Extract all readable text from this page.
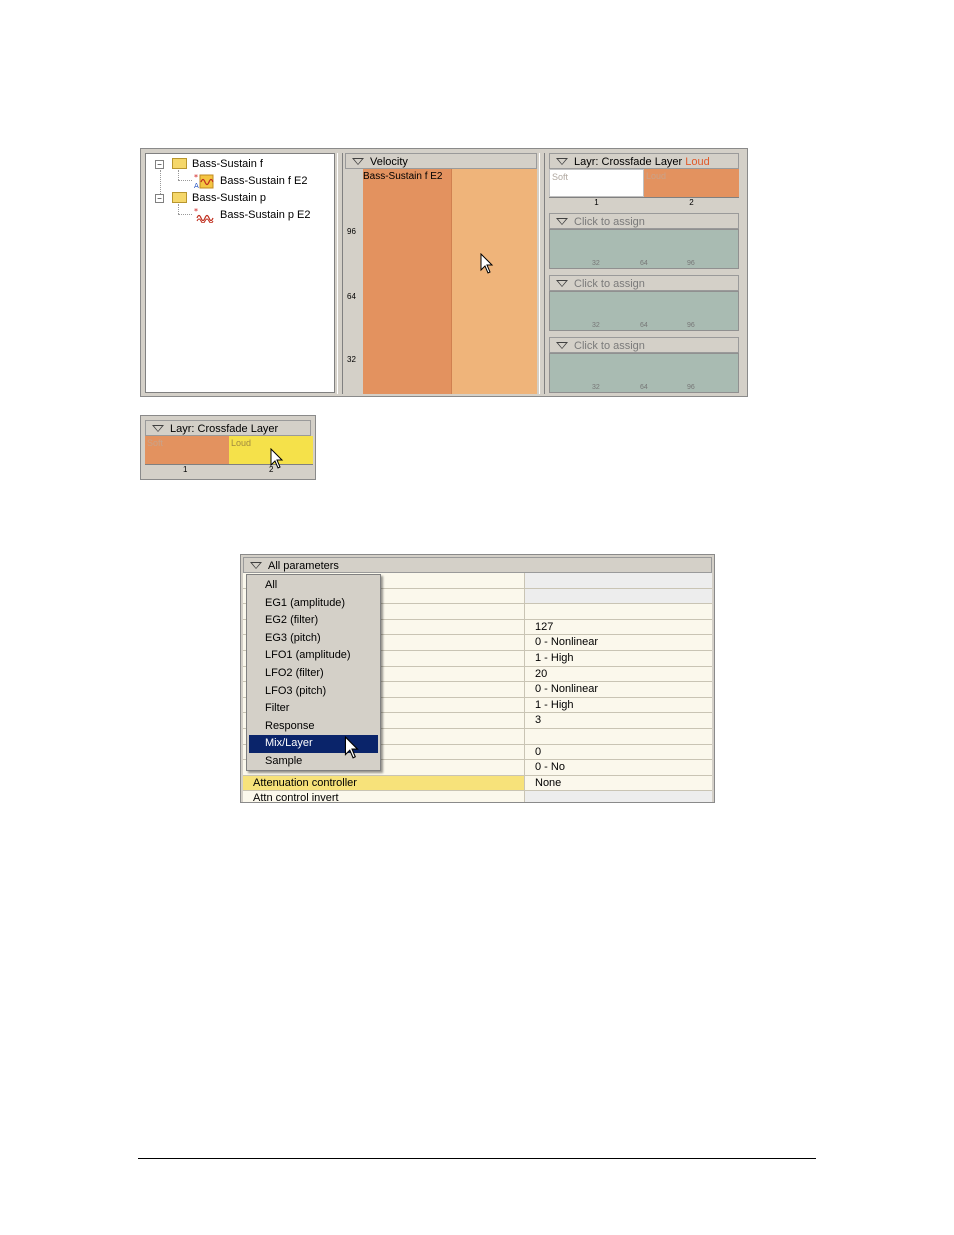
−	Bass-Sustain f
*
A Bass-Sustain f E2
−	Bass-Sustain p
* Bass-Sustain p E2
Velocity
96
64
32
Bass-Sustain f E2
Layr: Crossfade Layer Loud
Soft	Loud
1	2
Click to assign
32	64	96
Click to assign
32	64	96
Click to assign
32	64	96
Layr: Crossfade Layer
Soft	Loud
1	2
All parameters
127
0 - Nonlinear
1 - High
20
0 - Nonlinear
1 - High
3
0
0 - No
Attenuation controller	None
Attn control invert
All
EG1 (amplitude)
EG2 (filter)
EG3 (pitch)
LFO1 (amplitude)
LFO2 (filter)
LFO3 (pitch)
Filter
Response
Mix/Layer
Sample
